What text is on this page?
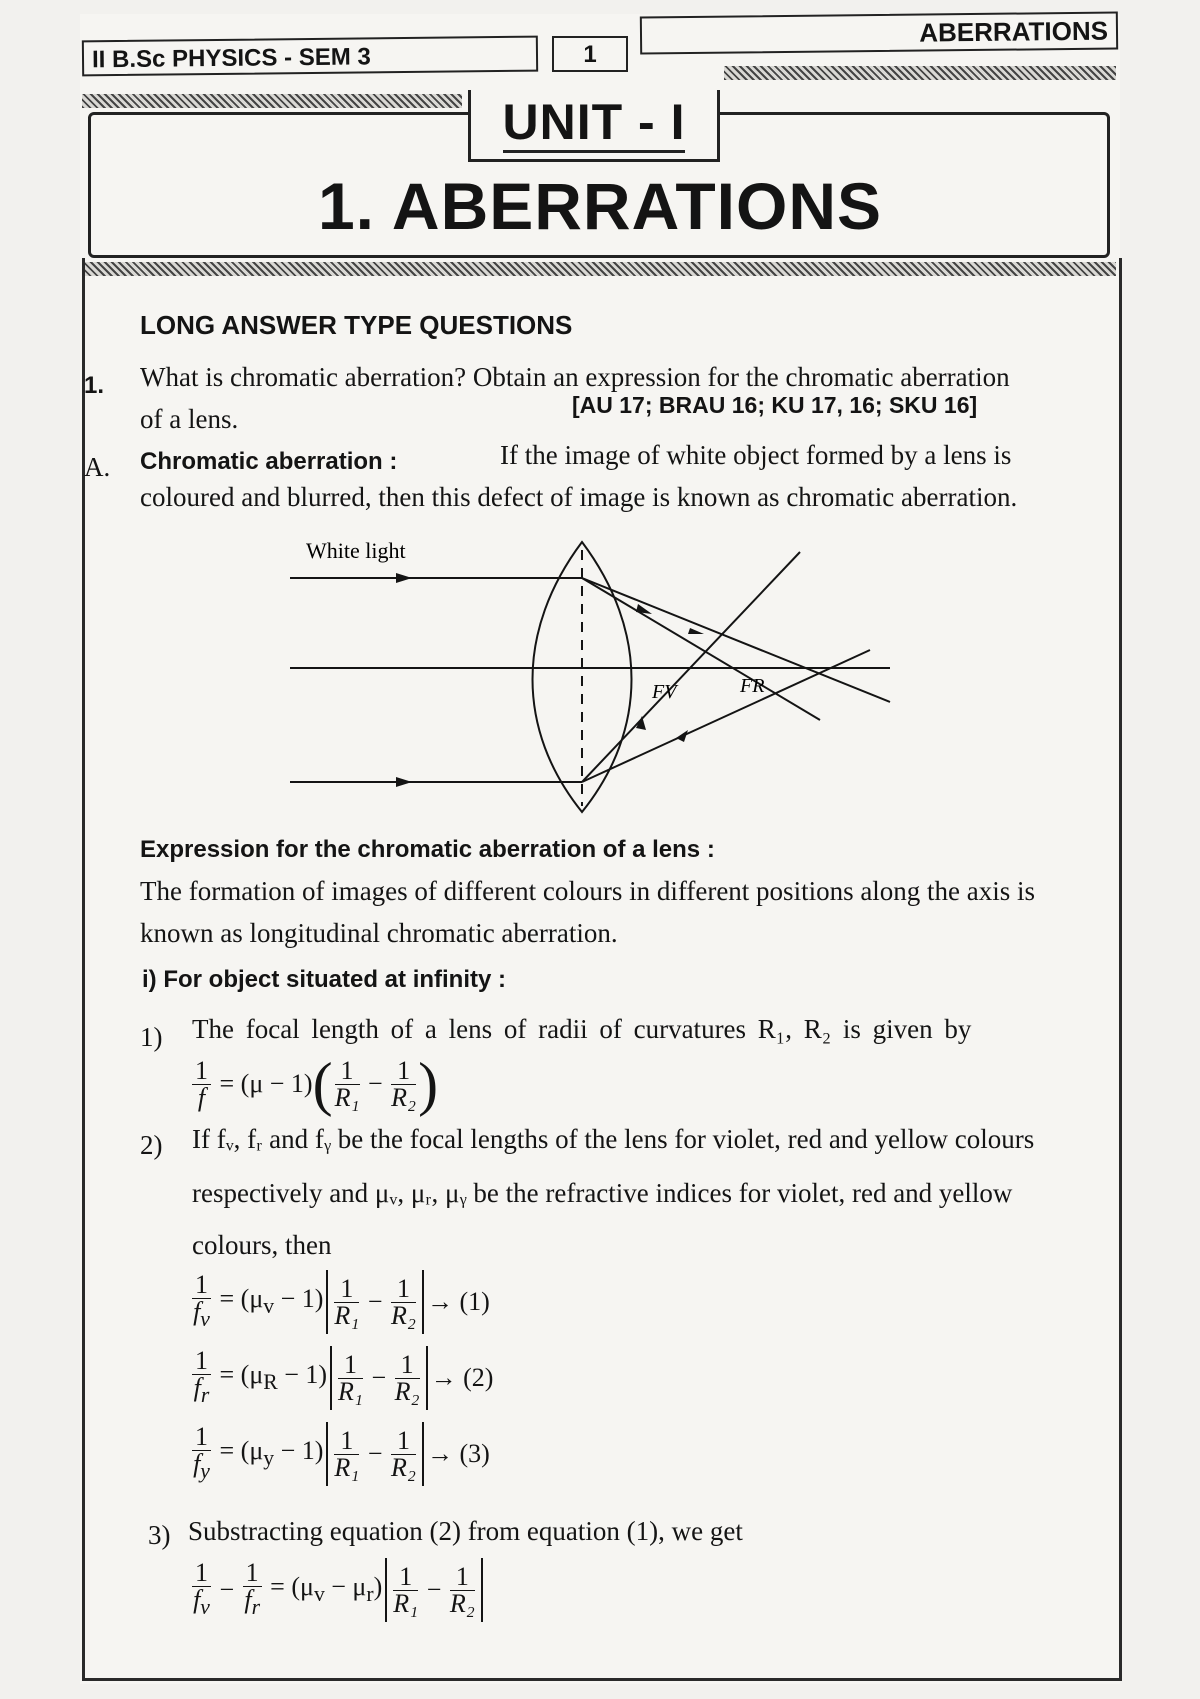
II B.Sc PHYSICS - SEM 3	1
ABERRATIONS
UNIT - I
1. ABERRATIONS
LONG ANSWER TYPE QUESTIONS
1. What is chromatic aberration? Obtain an expression for the chromatic aberration
of a lens.	[AU 17; BRAU 16; KU 17, 16; SKU 16]
A. Chromatic aberration :	If the image of white object formed by a lens is
coloured and blurred, then this defect of image is known as chromatic aberration.
White light
FV	FR
Expression for the chromatic aberration of a lens :
The formation of images of different colours in different positions along the axis is
known as longitudinal chromatic aberration.
i) For object situated at infinity :
1) The focal length of a lens of radii of curvatures R₁, R₂ is given by
$\frac{1}{f} = (\mu - 1)$ ( $\frac{1}{\text{R₁}} - \frac{1}{\text{R₂}}$ )
2) If fᵥ, fᵣ and fᵧ be the focal lengths of the lens for violet, red and yellow colours
respectively and μᵥ, μᵣ, μᵧ be the refractive indices for violet, red and yellow
colours, then
$\frac{1}{f_v} = (\mu_v - 1) \frac{1}{\text{R₁}} - \frac{1}{\text{R₂}} \to (1)$
$\frac{1}{f_r} = (\mu_R - 1) \frac{1}{\text{R₁}} - \frac{1}{\text{R₂}} \to (2)$
$\frac{1}{f_y} = (\mu_y - 1) \frac{1}{\text{R₁}} - \frac{1}{\text{R₂}} \to (3)$
3) Substracting equation (2) from equation (1), we get
$\frac{1}{f_v} - \frac{1}{f_r} = (\mu_v - \mu_r) \frac{1}{\text{R₁}} - \frac{1}{\text{R₂}}$
